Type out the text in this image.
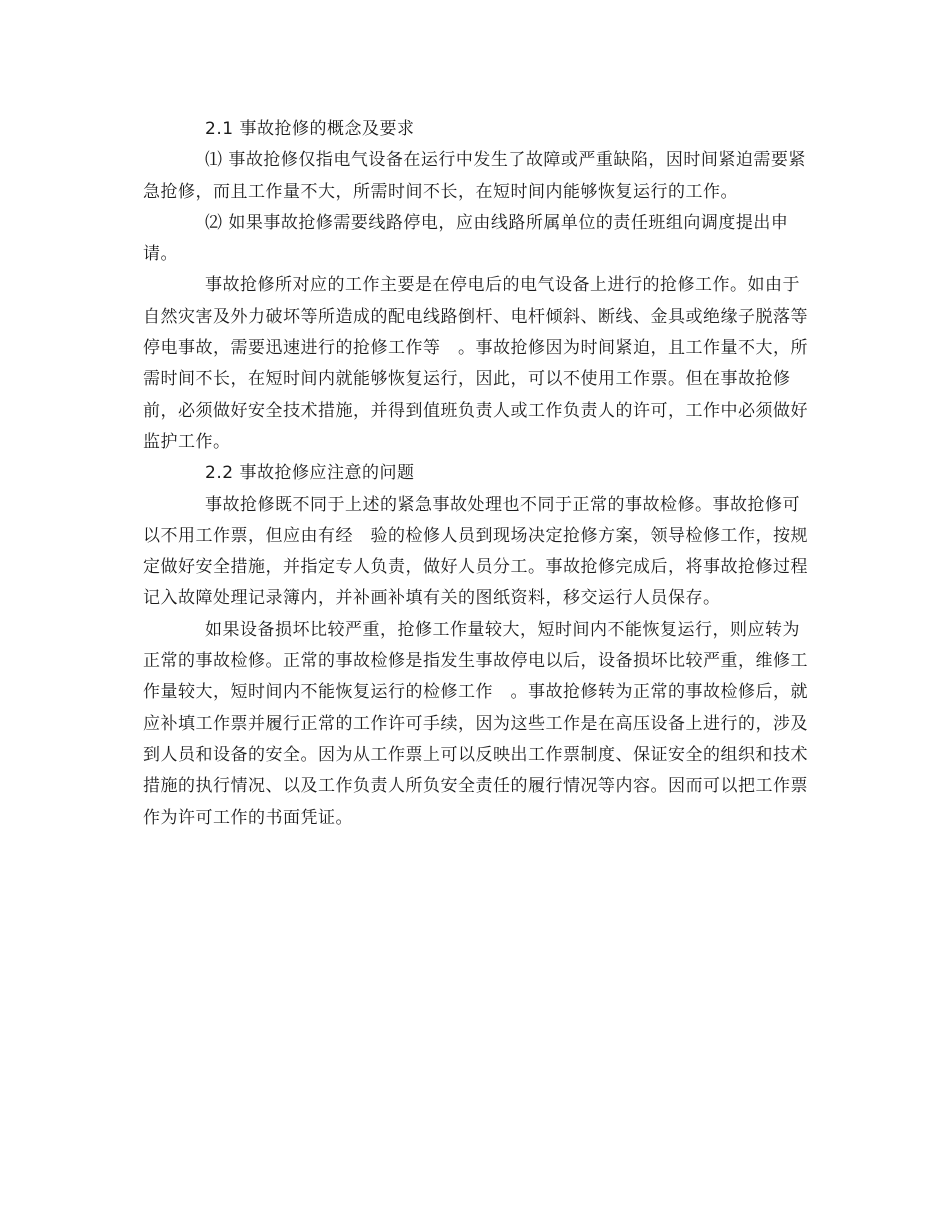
2.1 事故抢修的概念及要求

⑴ 事故抢修仅指电气设备在运行中发生了故障或严重缺陷，因时间紧迫需要紧急抢修，而且工作量不大，所需时间不长，在短时间内能够恢复运行的工作。

⑵ 如果事故抢修需要线路停电，应由线路所属单位的责任班组向调度提出申请。

事故抢修所对应的工作主要是在停电后的电气设备上进行的抢修工作。如由于自然灾害及外力破坏等所造成的配电线路倒杆、电杆倾斜、断线、金具或绝缘子脱落等停电事故，需要迅速进行的抢修工作等　。事故抢修因为时间紧迫，且工作量不大，所需时间不长，在短时间内就能够恢复运行，因此，可以不使用工作票。但在事故抢修前，必须做好安全技术措施，并得到值班负责人或工作负责人的许可，工作中必须做好监护工作。

2.2 事故抢修应注意的问题

事故抢修既不同于上述的紧急事故处理也不同于正常的事故检修。事故抢修可以不用工作票，但应由有经　验的检修人员到现场决定抢修方案，领导检修工作，按规定做好安全措施，并指定专人负责，做好人员分工。事故抢修完成后，将事故抢修过程记入故障处理记录簿内，并补画补填有关的图纸资料，移交运行人员保存。

如果设备损坏比较严重，抢修工作量较大，短时间内不能恢复运行，则应转为正常的事故检修。正常的事故检修是指发生事故停电以后，设备损坏比较严重，维修工作量较大，短时间内不能恢复运行的检修工作　。事故抢修转为正常的事故检修后，就应补填工作票并履行正常的工作许可手续，因为这些工作是在高压设备上进行的，涉及到人员和设备的安全。因为从工作票上可以反映出工作票制度、保证安全的组织和技术措施的执行情况、以及工作负责人所负安全责任的履行情况等内容。因而可以把工作票作为许可工作的书面凭证。
